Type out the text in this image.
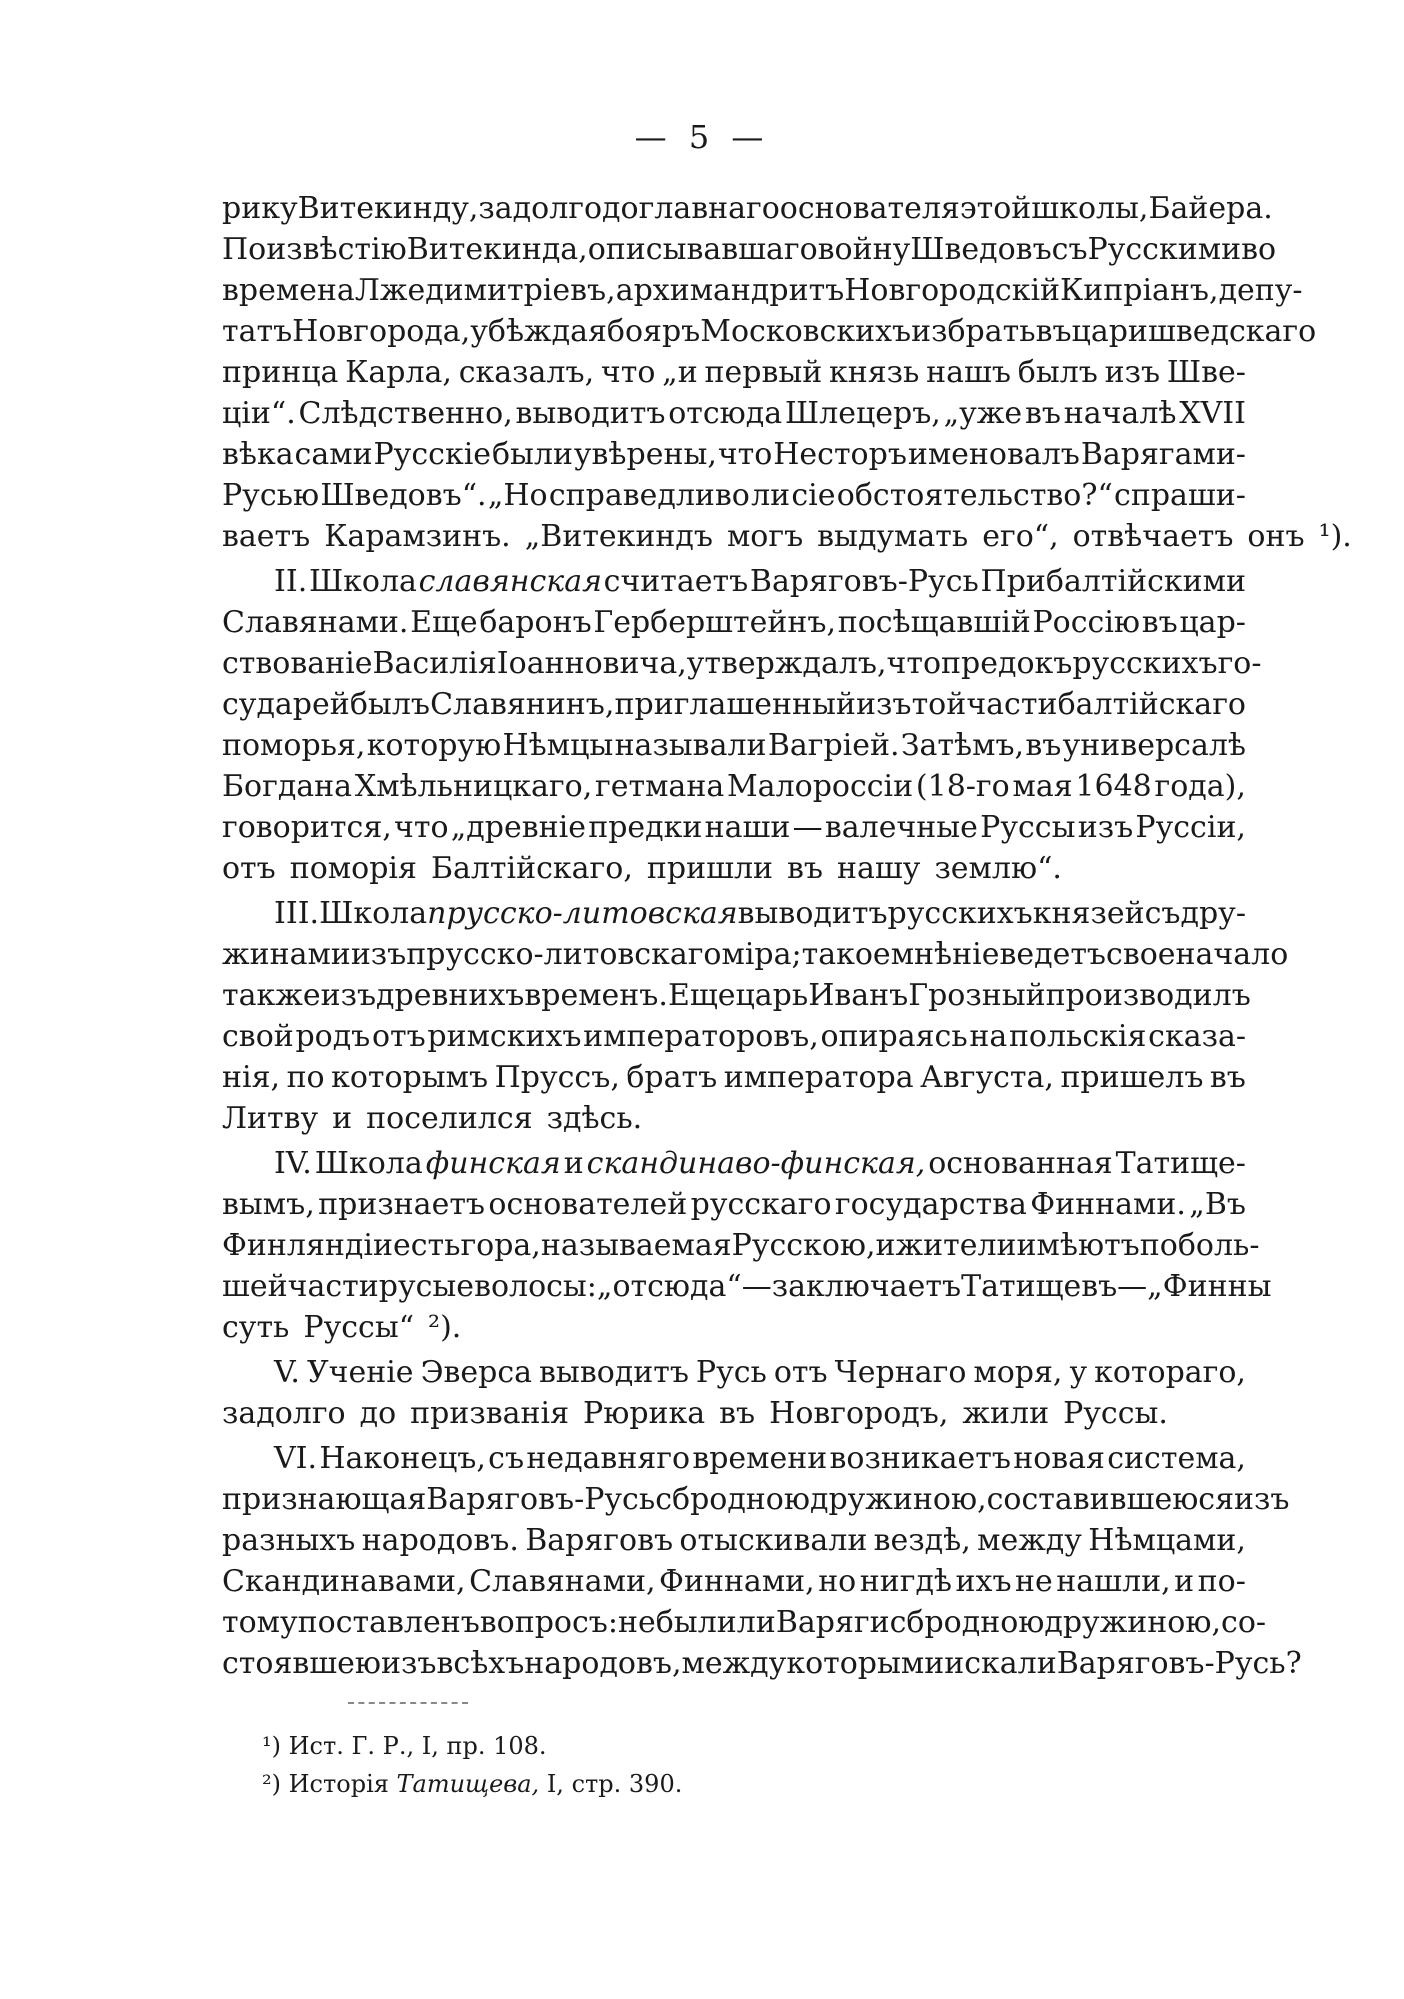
— 5 —
рику Витекинду, за долго до главнаго основателя этой школы, Байера.
По извѣстію Витекинда, описывавшаго войну Шведовъ съ Русскими во
времена Лжедимитріевъ, архимандритъ Новгородскій Кипріанъ, депу-
татъ Новгорода, убѣждая бояръ Московскихъ избрать въ цари шведскаго
принца Карла, сказалъ, что „и первый князь нашъ былъ изъ Шве-
ціи“. Слѣдственно, выводитъ отсюда Шлецеръ, „уже въ началѣ XVII
вѣка сами Русскіе были увѣрены, что Несторъ именовалъ Варягами-
Русью Шведовъ“. „Но справедливо ли сіе обстоятельство?“ спраши-
ваетъ Карамзинъ. „Витекиндъ могъ выдумать его“, отвѣчаетъ онъ ¹).
II. Школа славянская считаетъ Варяговъ-Русь Прибалтійскими
Славянами. Еще баронъ Герберштейнъ, посѣщавшій Россію въ цар-
ствованіе Василія Іоанновича, утверждалъ, что предокъ русскихъ го-
сударей былъ Славянинъ, приглашенный изъ той части балтійскаго
поморья, которую Нѣмцы называли Вагріей. Затѣмъ, въ универсалѣ
Богдана Хмѣльницкаго, гетмана Малороссіи (18-го мая 1648 года),
говорится, что „древніе предки наши — валечные Руссы изъ Руссіи,
отъ поморія Балтійскаго, пришли въ нашу землю“.
III. Школа прусско-литовская выводитъ русскихъ князей съ дру-
жинами изъ прусско-литовскаго міра; такое мнѣніе ведетъ свое начало
также изъ древнихъ временъ. Еще царь Иванъ Грозный производилъ
свой родъ отъ римскихъ императоровъ, опираясь на польскія сказа-
нія, по которымъ Пруссъ, братъ императора Августа, пришелъ въ
Литву и поселился здѣсь.
IV. Школа финская и скандинаво-финская, основанная Татище-
вымъ, признаетъ основателей русскаго государства Финнами. „Въ
Финляндіи есть гора, называемая Русскою, и жители имѣютъ по боль-
шей части русые волосы: „отсюда“—заключаетъ Татищевъ—„Финны
суть Руссы“ ²).
V. Ученіе Эверса выводитъ Русь отъ Чернаго моря, у котораго,
задолго до призванія Рюрика въ Новгородъ, жили Руссы.
VI. Наконецъ, съ недавняго времени возникаетъ новая система,
признающая Варяговъ-Русь сбродною дружиною, составившеюся изъ
разныхъ народовъ. Варяговъ отыскивали вездѣ, между Нѣмцами,
Скандинавами, Славянами, Финнами, но нигдѣ ихъ не нашли, и по-
тому поставленъ вопросъ: не были ли Варяги сбродною дружиною, со-
стоявшею изъ всѣхъ народовъ, между которыми искали Варяговъ-Русь?
¹) Ист. Г. Р., I, пр. 108.
²) Исторія Татищева, I, стр. 390.
